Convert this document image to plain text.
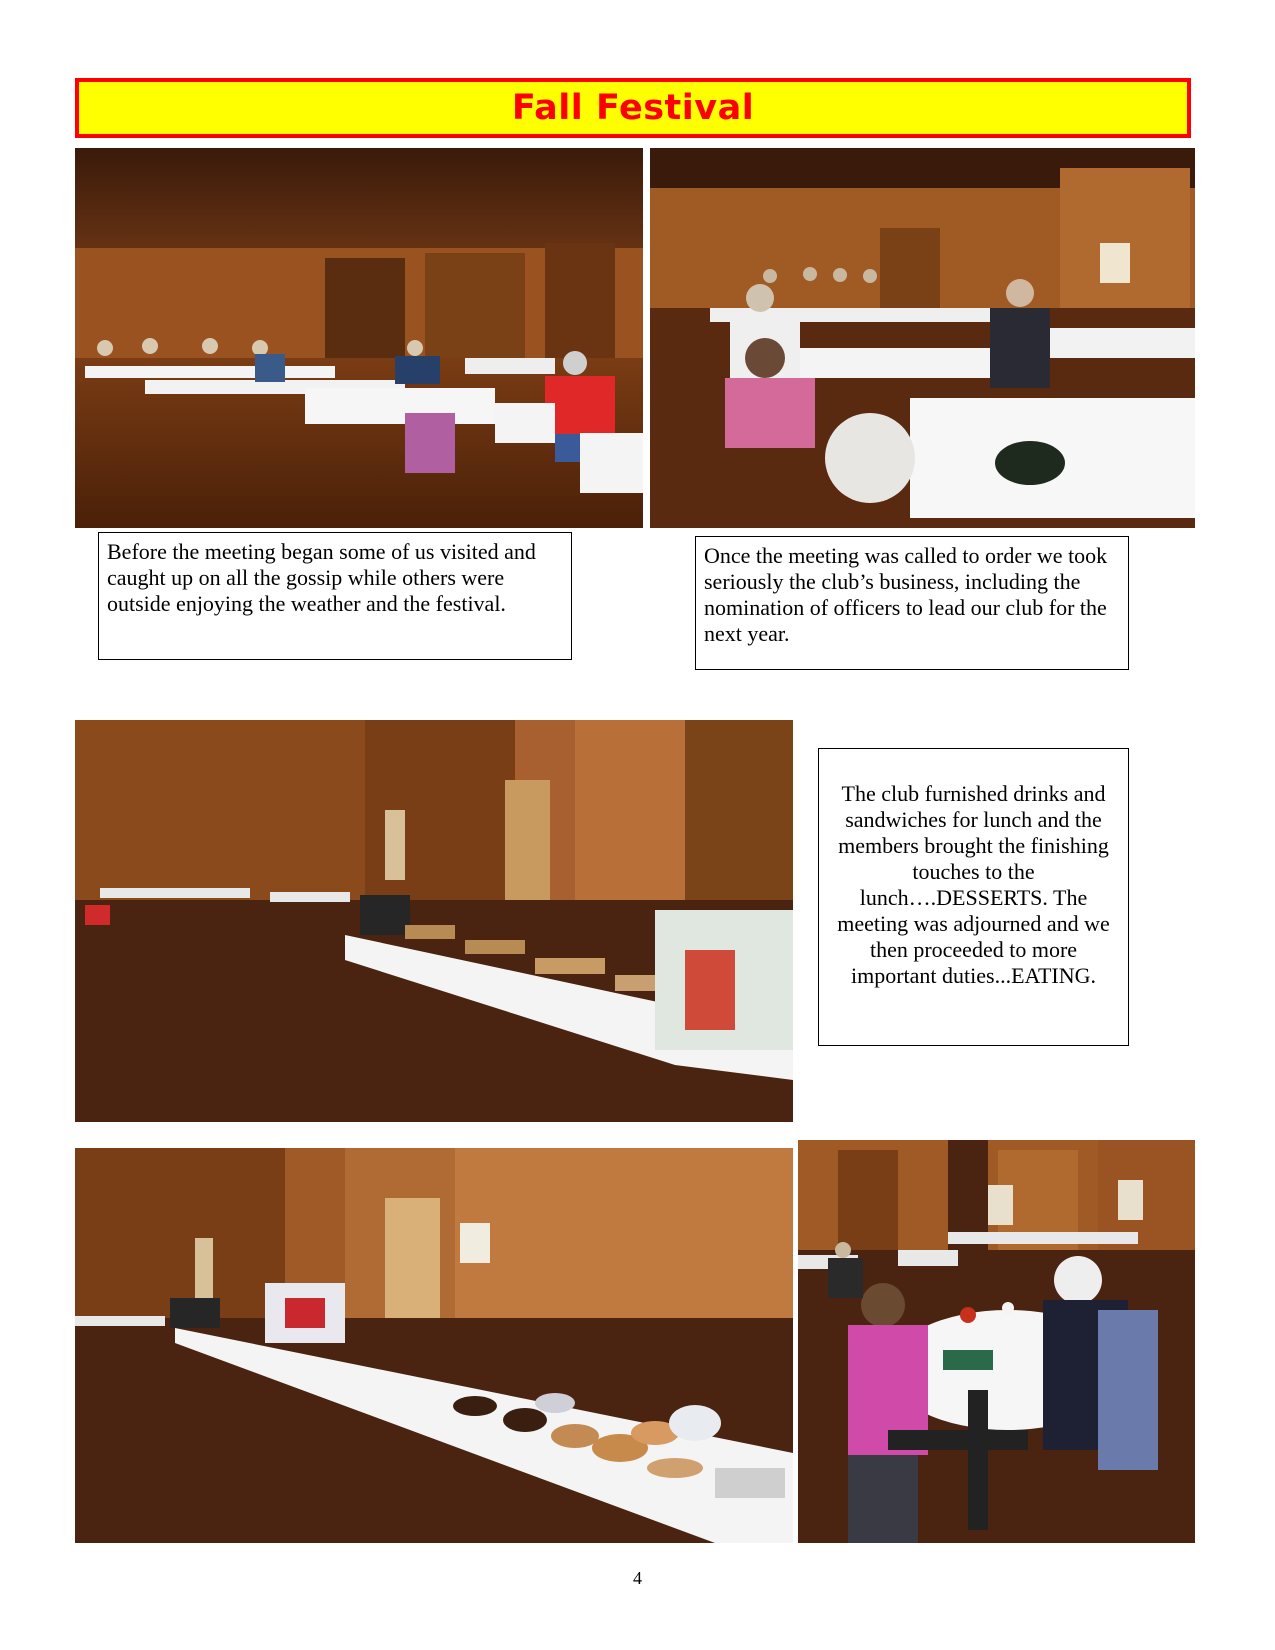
Fall Festival
Before the meeting began some of us visited and caught up on all the gossip while others were outside enjoying the weather and the festival.
Once the meeting was called to order we took seriously the club’s business, including the nomination of officers to lead our club for the next year.
The club furnished drinks and sandwiches for lunch and the members brought the finishing touches to the lunch….DESSERTS. The meeting was adjourned and we then proceeded to more important duties...EATING.
4
